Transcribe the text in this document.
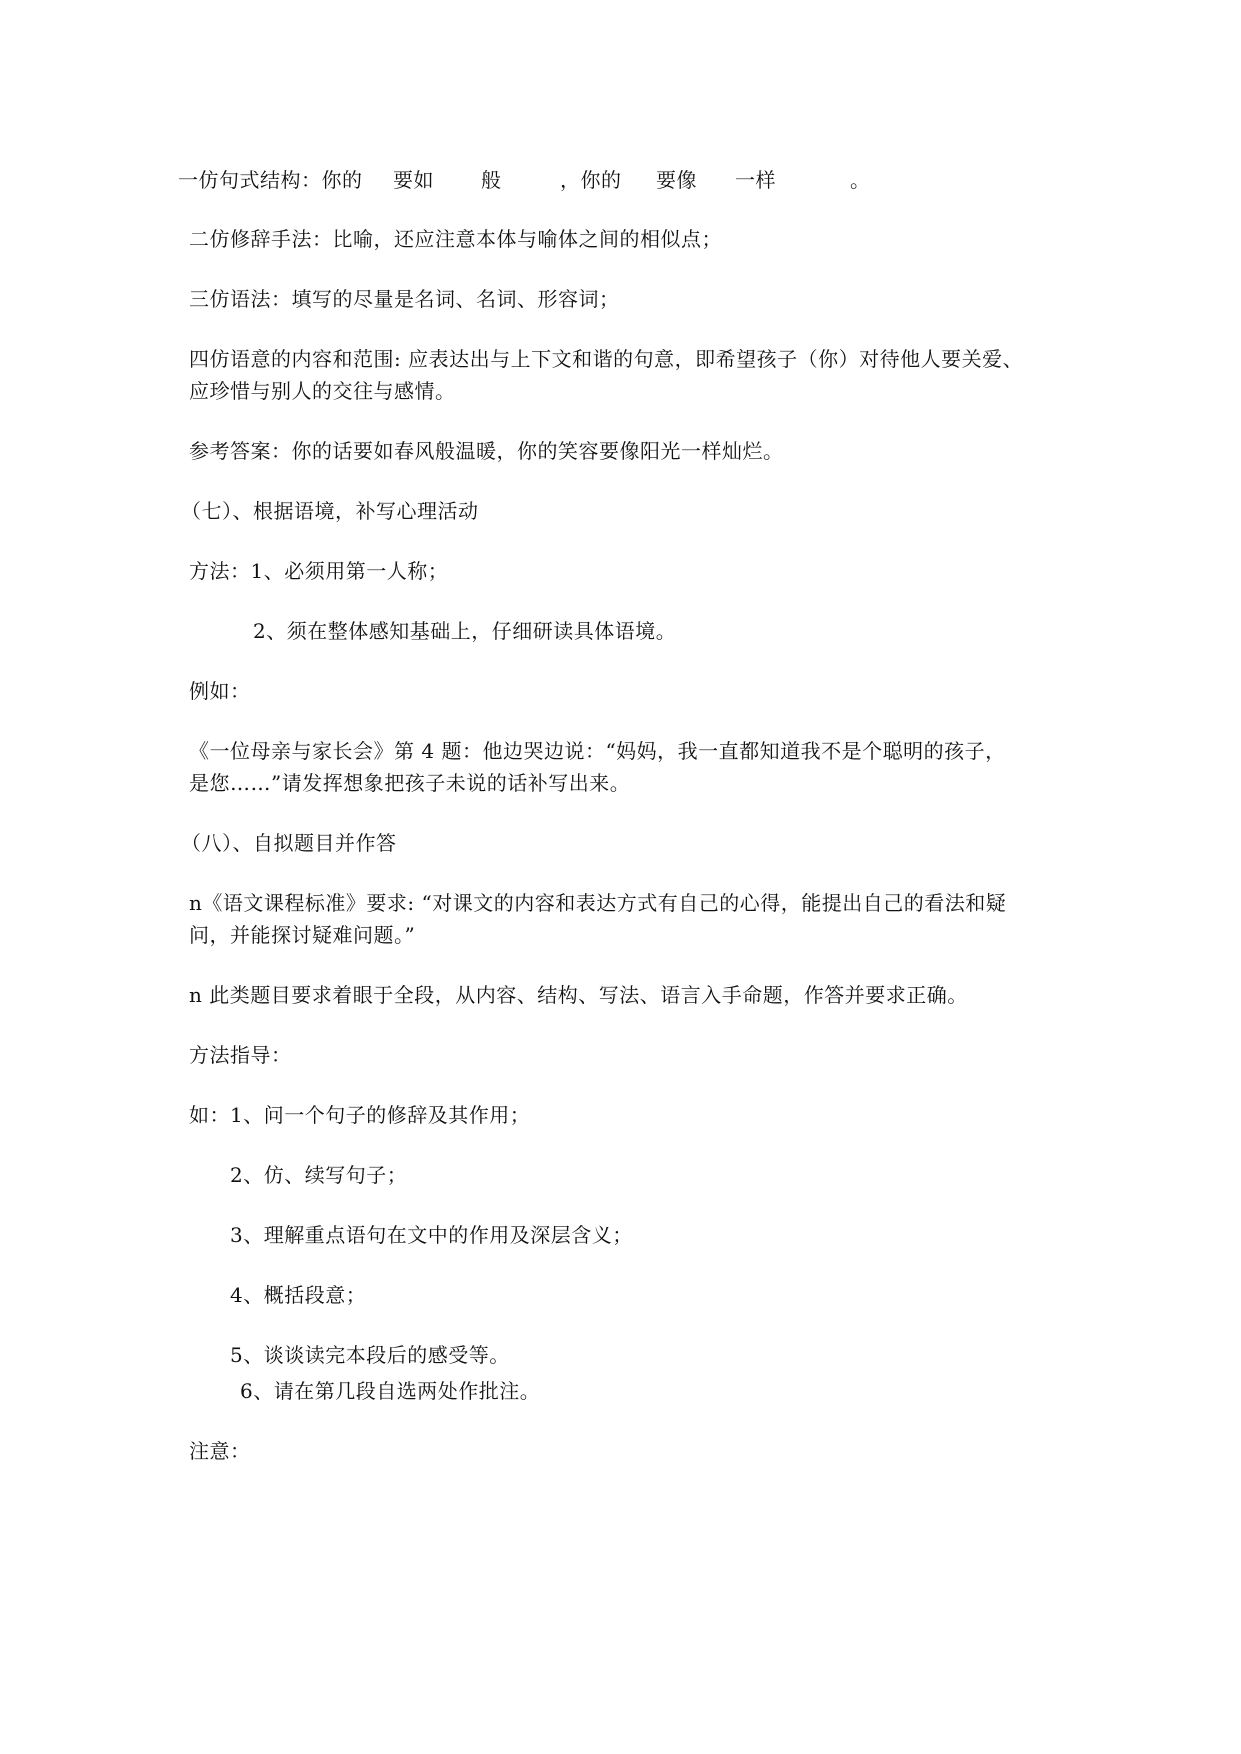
一仿句式结构：你的

要如

般

	，你的

要像

一样

	。

二仿修辞手法：比喻，还应注意本体与喻体之间的相似点；
三仿语法：填写的尽量是名词、名词、形容词；
四仿语意的内容和范围: 应表达出与上下文和谐的句意，即希望孩子（你）对待他人要关爱、
应珍惜与别人的交往与感情。
参考答案：你的话要如春风般温暖，你的笑容要像阳光一样灿烂。
（七）、根据语境，补写心理活动
方法：1、必须用第一人称；
2、须在整体感知基础上，仔细研读具体语境。
例如：
《一位母亲与家长会》第 4 题：他边哭边说：“妈妈，我一直都知道我不是个聪明的孩子，
是您……”请发挥想象把孩子未说的话补写出来。
（八）、自拟题目并作答
n《语文课程标准》要求: “对课文的内容和表达方式有自己的心得，能提出自己的看法和疑
问，并能探讨疑难问题。”
n 此类题目要求着眼于全段，从内容、结构、写法、语言入手命题，作答并要求正确。
方法指导：
如：1、问一个句子的修辞及其作用；
2、仿、续写句子；
3、理解重点语句在文中的作用及深层含义；
4、概括段意；
5、谈谈读完本段后的感受等。
6、请在第几段自选两处作批注。
注意：
